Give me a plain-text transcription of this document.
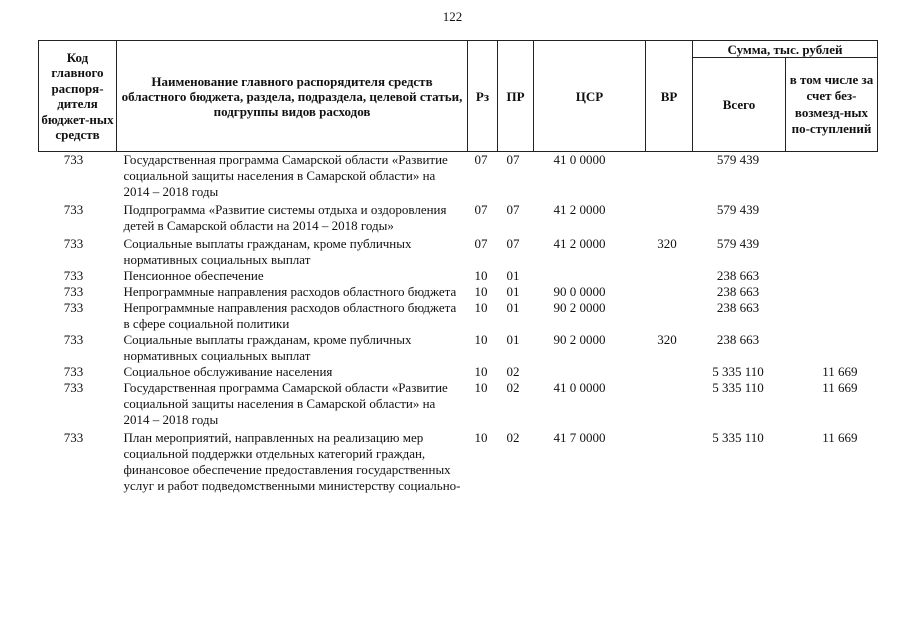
122
Код главного распоря-дителя бюджет-ных средств	Наименование главного распорядителя средств областного бюджета, раздела, подраздела, целевой статьи, подгруппы видов расходов	Рз	ПР	ЦСР	ВР	Сумма, тыс. рублей	
						Всего	в том числе за счет без-возмезд-ных по-ступлений
733	Государственная программа Самарской области «Развитие социальной защиты населения в Самарской области» на 2014 – 2018 годы	07	07	41 0 0000		579 439	
733	Подпрограмма «Развитие системы отдыха и оздоровления детей в Самарской области на 2014 – 2018 годы»	07	07	41 2 0000		579 439	
733	Социальные выплаты гражданам, кроме публичных нормативных социальных выплат	07	07	41 2 0000	320	579 439	
733	Пенсионное обеспечение	10	01			238 663	
733	Непрограммные направления расходов областного бюджета	10	01	90 0 0000		238 663	
733	Непрограммные направления расходов областного бюджета в сфере социальной политики	10	01	90 2 0000		238 663	
733	Социальные выплаты гражданам, кроме публичных нормативных социальных выплат	10	01	90 2 0000	320	238 663	
733	Социальное обслуживание населения	10	02			5 335 110	11 669
733	Государственная программа Самарской области «Развитие социальной защиты населения в Самарской области» на 2014 – 2018 годы	10	02	41 0 0000		5 335 110	11 669
733	План мероприятий, направленных на реализацию мер социальной поддержки отдельных категорий граждан, финансовое обеспечение предоставления государственных услуг и работ подведомственными министерству социально-	10	02	41 7 0000		5 335 110	11 669
